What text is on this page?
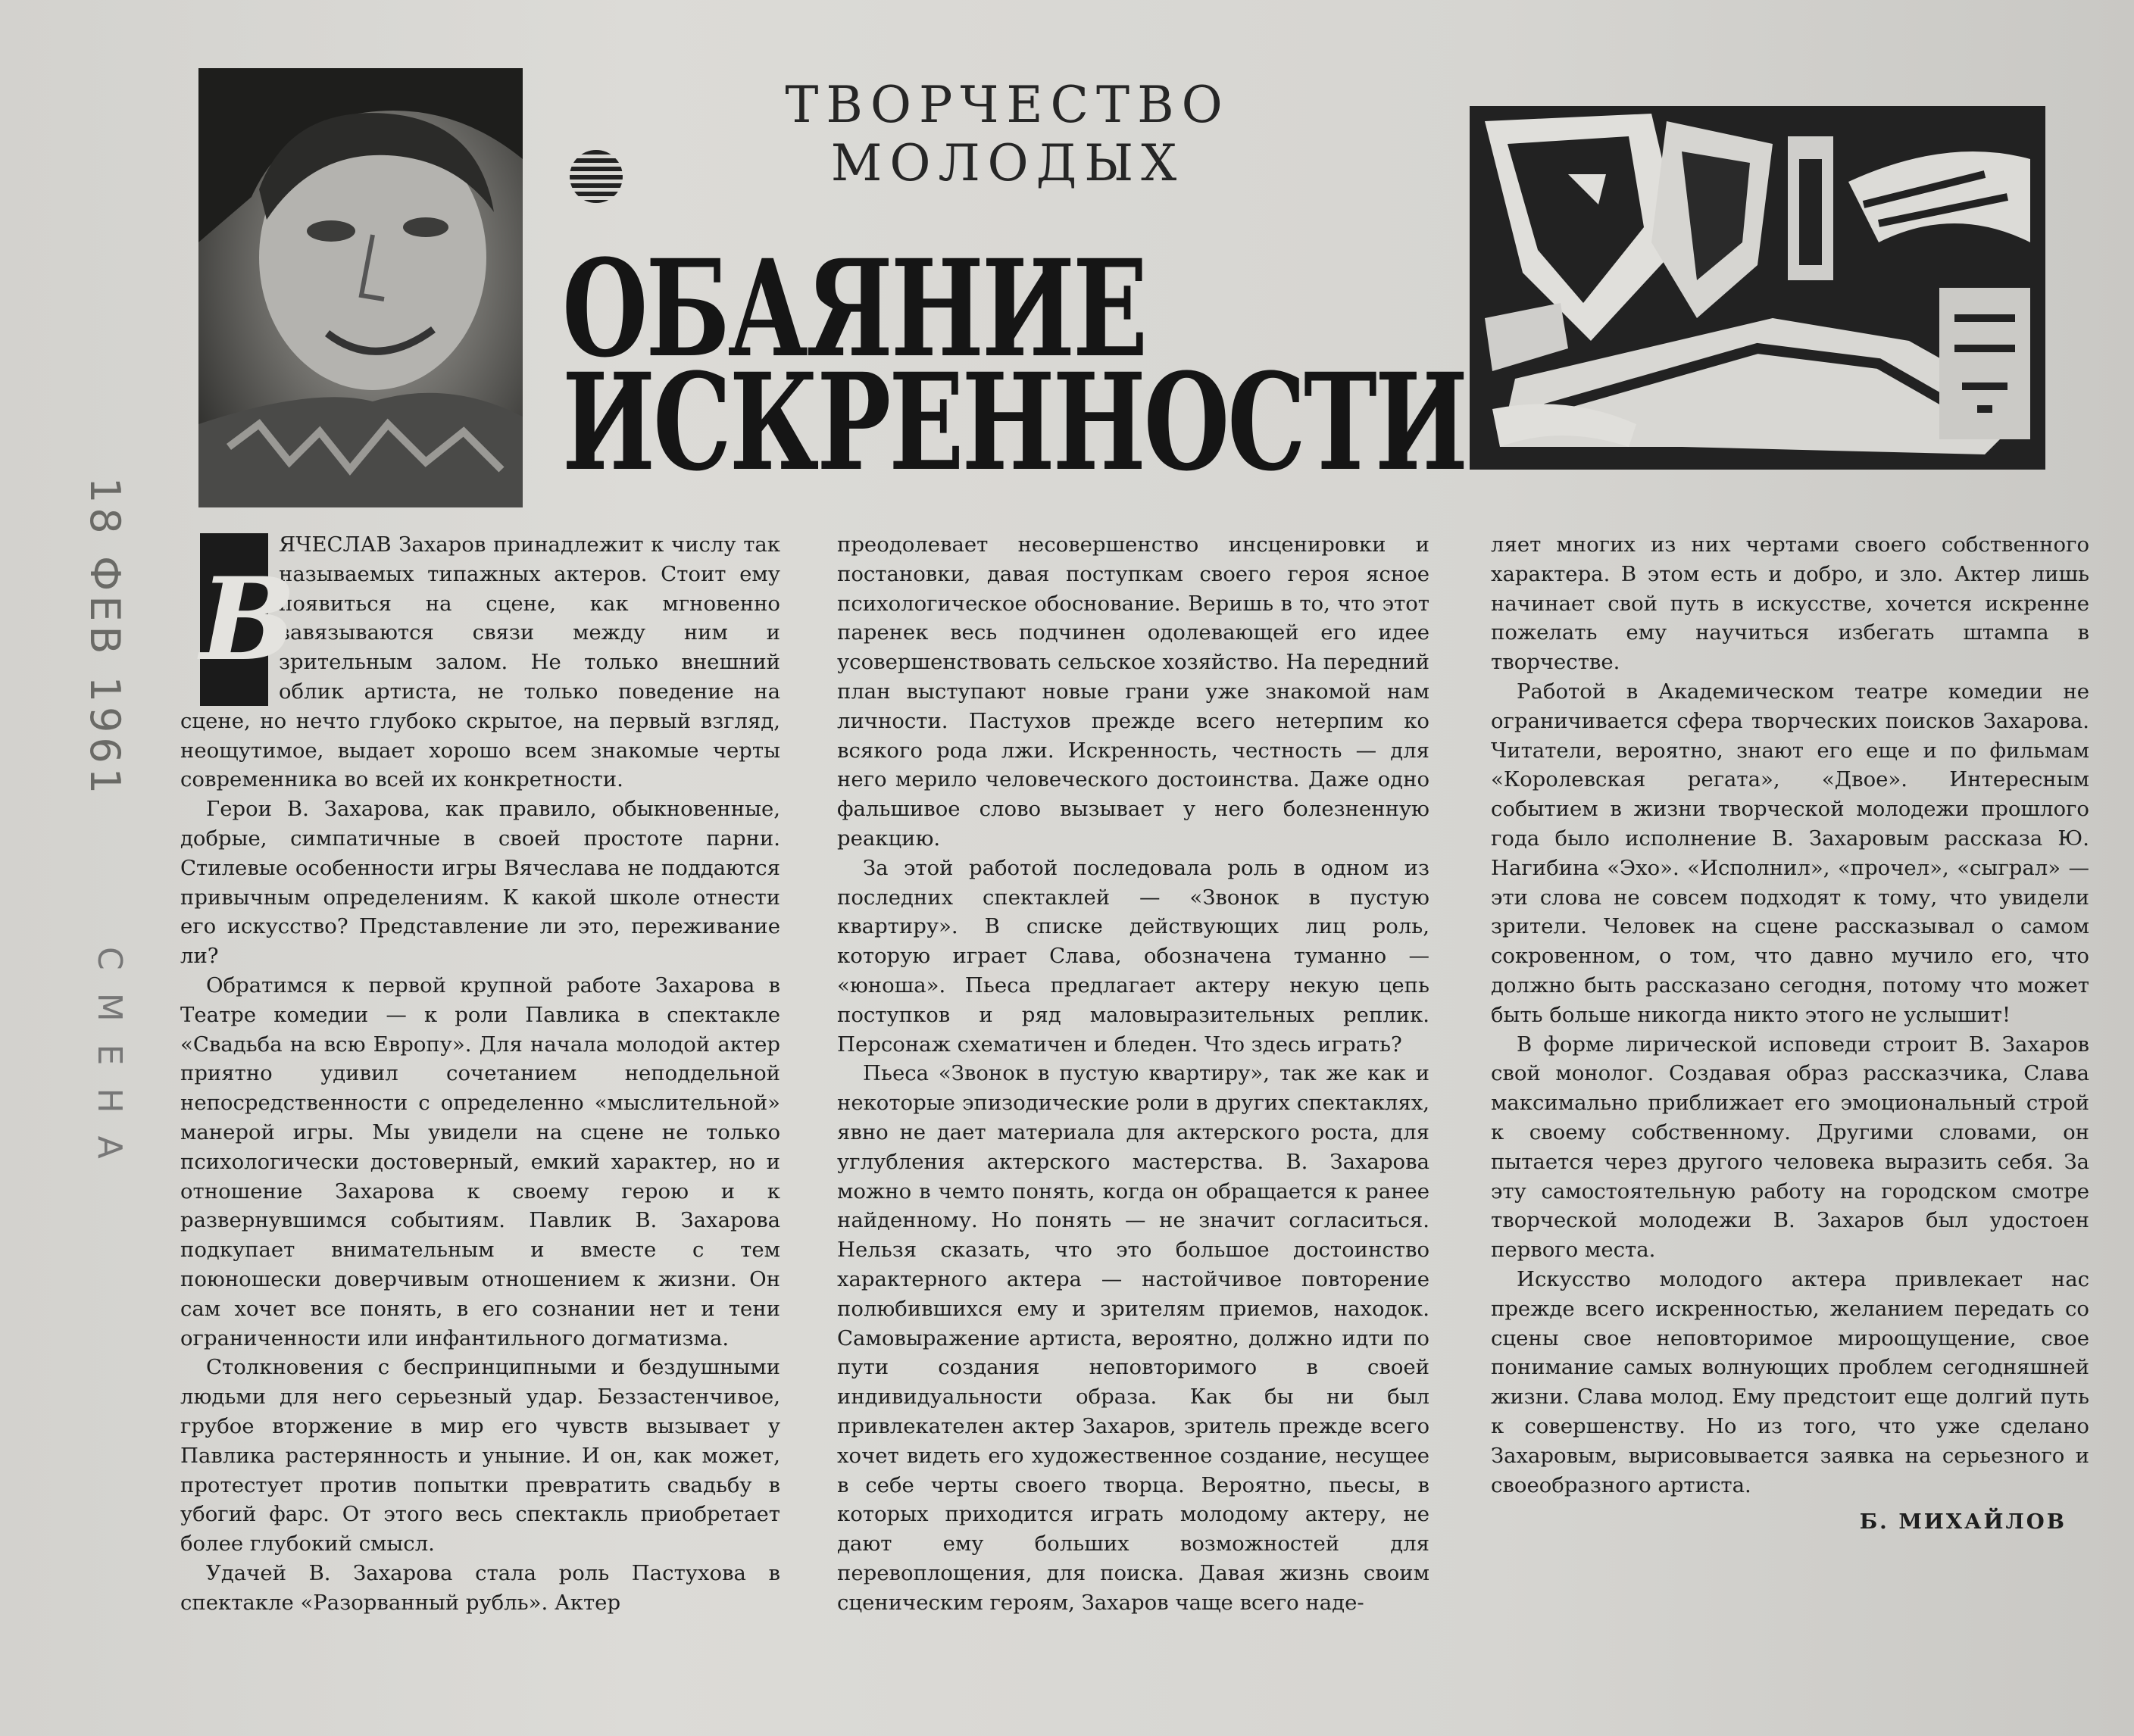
ТВОРЧЕСТВО МОЛОДЫХ
ОБАЯНИЕ
ИСКРЕННОСТИ
18 ФЕВ 1961
СМЕНА

В
ЯЧЕСЛАВ Захаров принадлежит к числу так называемых типажных актеров. Стоит ему появиться на сцене, как мгновенно завязываются связи между ним и зрительным залом. Не только внешний облик артиста, не только поведение на сцене, но нечто глубоко скрытое, на первый взгляд, неощутимое, выдает хорошо всем знакомые черты современника во всей их конкретности.

Герои В. Захарова, как правило, обыкновенные, добрые, симпатичные в своей простоте парни. Стилевые особенности игры Вячеслава не поддаются привычным определениям. К какой школе отнести его искусство? Представление ли это, переживание ли?

Обратимся к первой крупной работе Захарова в Театре комедии — к роли Павлика в спектакле «Свадьба на всю Европу». Для начала молодой актер приятно удивил сочетанием неподдельной непосредственности с определенно «мыслительной» манерой игры. Мы увидели на сцене не только психологически достоверный, емкий характер, но и отношение Захарова к своему герою и к развернувшимся событиям. Павлик В. Захарова подкупает внимательным и вместе с тем поюношески доверчивым отношением к жизни. Он сам хочет все понять, в его сознании нет и тени ограниченности или инфантильного догматизма.

Столкновения с беспринципными и бездушными людьми для него серьезный удар. Беззастенчивое, грубое вторжение в мир его чувств вызывает у Павлика растерянность и уныние. И он, как может, протестует против попытки превратить свадьбу в убогий фарс. От этого весь спектакль приобретает более глубокий смысл.

Удачей В. Захарова стала роль Пастухова в спектакле «Разорванный рубль». Актер

преодолевает несовершенство инсценировки и постановки, давая поступкам своего героя ясное психологическое обоснование. Веришь в то, что этот паренек весь подчинен одолевающей его идее усовершенствовать сельское хозяйство. На передний план выступают новые грани уже знакомой нам личности. Пастухов прежде всего нетерпим ко всякого рода лжи. Искренность, честность — для него мерило человеческого достоинства. Даже одно фальшивое слово вызывает у него болезненную реакцию.

За этой работой последовала роль в одном из последних спектаклей — «Звонок в пустую квартиру». В списке действующих лиц роль, которую играет Слава, обозначена туманно — «юноша». Пьеса предлагает актеру некую цепь поступков и ряд маловыразительных реплик. Персонаж схематичен и бледен. Что здесь играть?

Пьеса «Звонок в пустую квартиру», так же как и некоторые эпизодические роли в других спектаклях, явно не дает материала для актерского роста, для углубления актерского мастерства. В. Захарова можно в чемто понять, когда он обращается к ранее найденному. Но понять — не значит согласиться. Нельзя сказать, что это большое достоинство характерного актера — настойчивое повторение полюбившихся ему и зрителям приемов, находок. Самовыражение артиста, вероятно, должно идти по пути создания неповторимого в своей индивидуальности образа. Как бы ни был привлекателен актер Захаров, зритель прежде всего хочет видеть его художественное создание, несущее в себе черты своего творца. Вероятно, пьесы, в которых приходится играть молодому актеру, не дают ему больших возможностей для перевоплощения, для поиска. Давая жизнь своим сценическим героям, Захаров чаще всего наде-

ляет многих из них чертами своего собственного характера. В этом есть и добро, и зло. Актер лишь начинает свой путь в искусстве, хочется искренне пожелать ему научиться избегать штампа в творчестве.

Работой в Академическом театре комедии не ограничивается сфера творческих поисков Захарова. Читатели, вероятно, знают его еще и по фильмам «Королевская регата», «Двое». Интересным событием в жизни творческой молодежи прошлого года было исполнение В. Захаровым рассказа Ю. Нагибина «Эхо». «Исполнил», «прочел», «сыграл» — эти слова не совсем подходят к тому, что увидели зрители. Человек на сцене рассказывал о самом сокровенном, о том, что давно мучило его, что должно быть рассказано сегодня, потому что может быть больше никогда никто этого не услышит!

В форме лирической исповеди строит В. Захаров свой монолог. Создавая образ рассказчика, Слава максимально приближает его эмоциональный строй к своему собственному. Другими словами, он пытается через другого человека выразить себя. За эту самостоятельную работу на городском смотре творческой молодежи В. Захаров был удостоен первого места.

Искусство молодого актера привлекает нас прежде всего искренностью, желанием передать со сцены свое неповторимое мироощущение, свое понимание самых волнующих проблем сегодняшней жизни. Слава молод. Ему предстоит еще долгий путь к совершенству. Но из того, что уже сделано Захаровым, вырисовывается заявка на серьезного и своеобразного артиста.

Б. МИХАЙЛОВ
